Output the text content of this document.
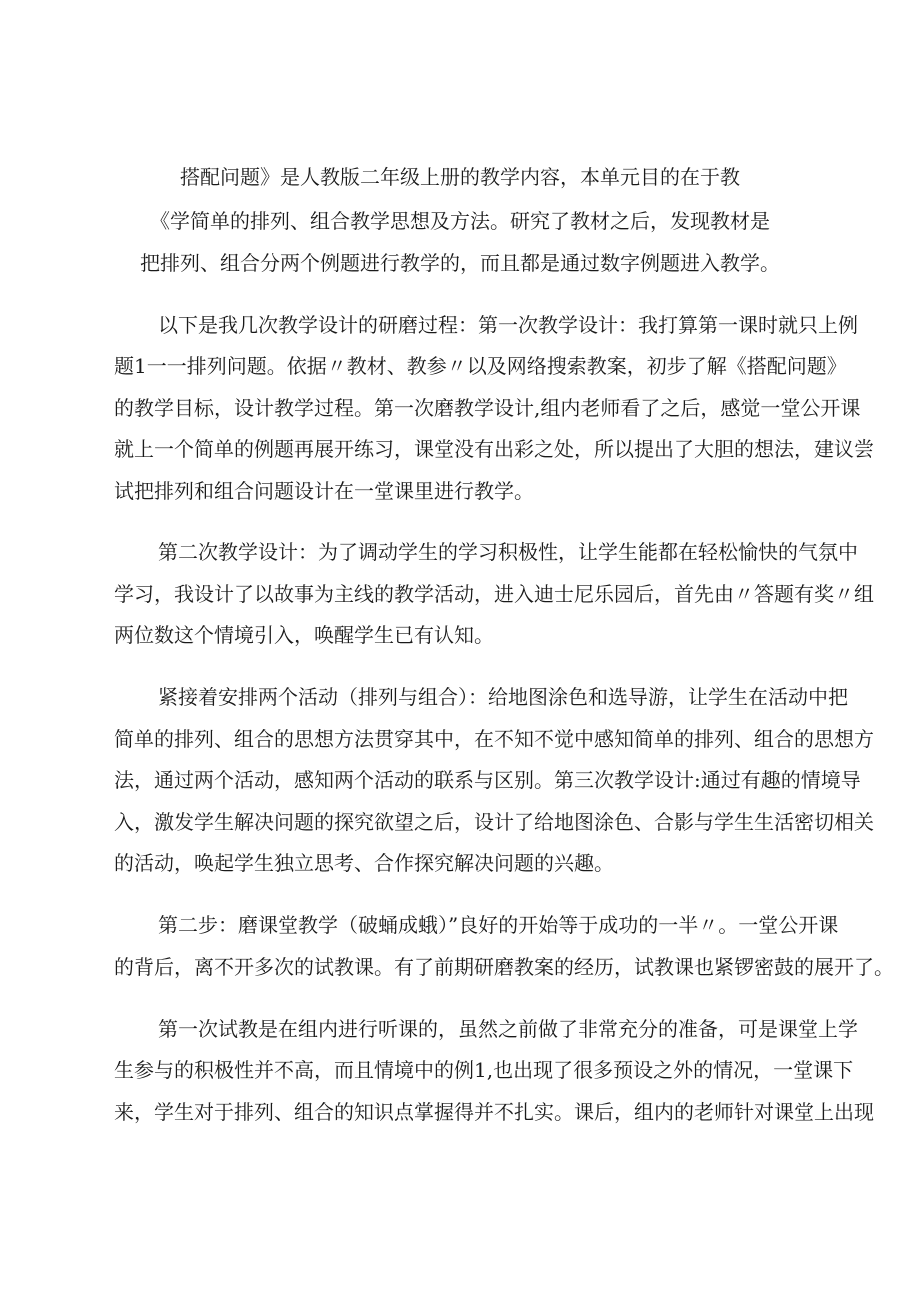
搭配问题》是人教版二年级上册的教学内容，本单元目的在于教
《学简单的排列、组合教学思想及方法。研究了教材之后，发现教材是
把排列、组合分两个例题进行教学的，而且都是通过数字例题进入教学。
以下是我几次教学设计的研磨过程：第一次教学设计：我打算第一课时就只上例
题1一一排列问题。依据〃教材、教参〃以及网络搜索教案，初步了解《搭配问题》
的教学目标，设计教学过程。第一次磨教学设计,组内老师看了之后，感觉一堂公开课
就上一个简单的例题再展开练习，课堂没有出彩之处，所以提出了大胆的想法，建议尝
试把排列和组合问题设计在一堂课里进行教学。
第二次教学设计：为了调动学生的学习积极性，让学生能都在轻松愉快的气氛中
学习，我设计了以故事为主线的教学活动，进入迪士尼乐园后，首先由〃答题有奖〃组
两位数这个情境引入，唤醒学生已有认知。
紧接着安排两个活动（排列与组合）：给地图涂色和选导游，让学生在活动中把
简单的排列、组合的思想方法贯穿其中，在不知不觉中感知简单的排列、组合的思想方
法，通过两个活动，感知两个活动的联系与区别。第三次教学设计:通过有趣的情境导
入，激发学生解决问题的探究欲望之后，设计了给地图涂色、合影与学生生活密切相关
的活动，唤起学生独立思考、合作探究解决问题的兴趣。
第二步：磨课堂教学（破蛹成蛾）”良好的开始等于成功的一半〃。一堂公开课
的背后，离不开多次的试教课。有了前期研磨教案的经历，试教课也紧锣密鼓的展开了。
第一次试教是在组内进行听课的，虽然之前做了非常充分的准备，可是课堂上学
生参与的积极性并不高，而且情境中的例1,也出现了很多预设之外的情况，一堂课下
来，学生对于排列、组合的知识点掌握得并不扎实。课后，组内的老师针对课堂上出现
